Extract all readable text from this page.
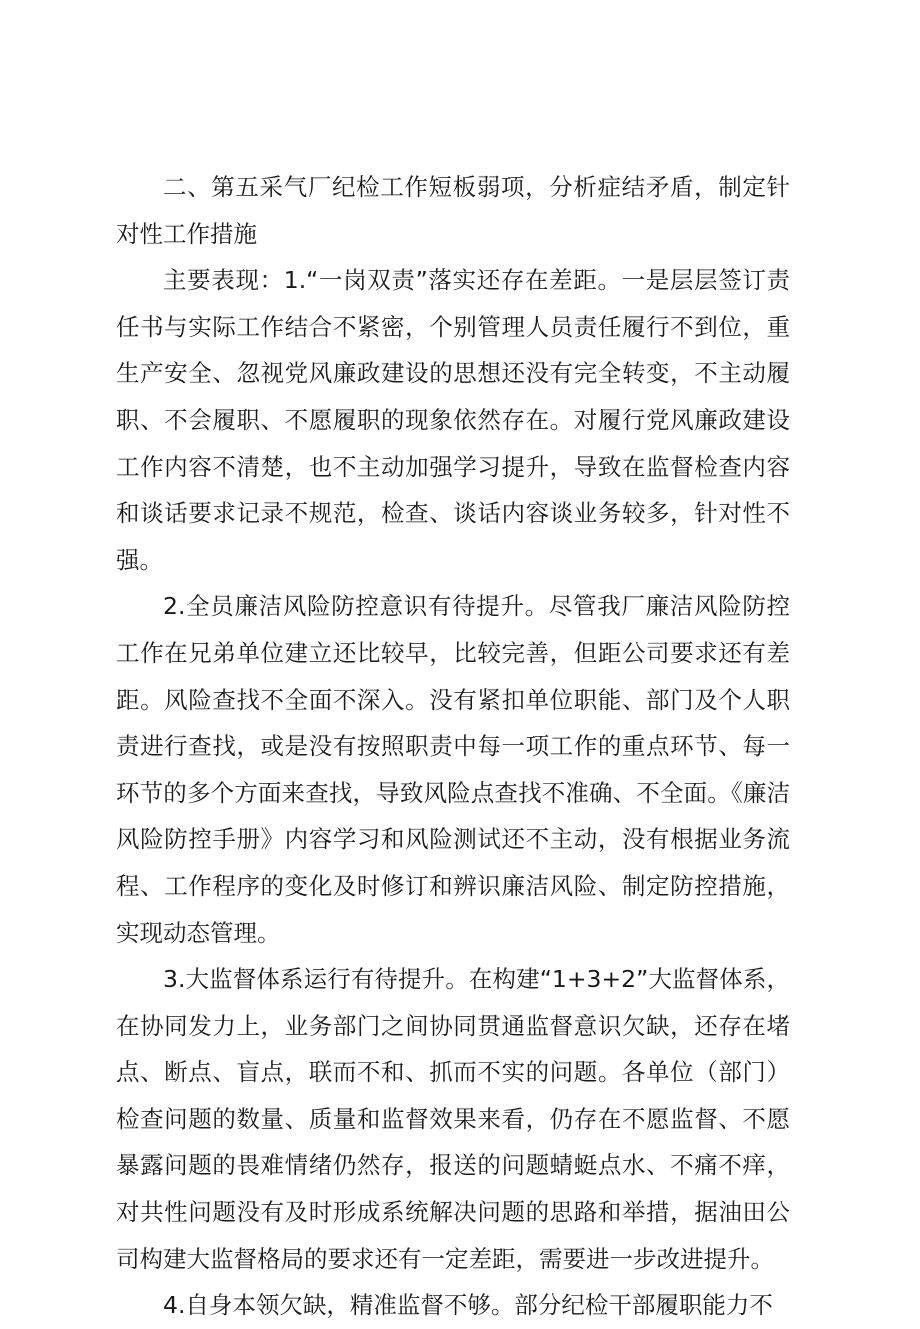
二、第五采气厂纪检工作短板弱项，分析症结矛盾，制定针对性工作措施

主要表现：1.“一岗双责”落实还存在差距。一是层层签订责任书与实际工作结合不紧密，个别管理人员责任履行不到位，重生产安全、忽视党风廉政建设的思想还没有完全转变，不主动履职、不会履职、不愿履职的现象依然存在。对履行党风廉政建设工作内容不清楚，也不主动加强学习提升，导致在监督检查内容和谈话要求记录不规范，检查、谈话内容谈业务较多，针对性不强。

2.全员廉洁风险防控意识有待提升。尽管我厂廉洁风险防控工作在兄弟单位建立还比较早，比较完善，但距公司要求还有差距。风险查找不全面不深入。没有紧扣单位职能、部门及个人职责进行查找，或是没有按照职责中每一项工作的重点环节、每一环节的多个方面来查找，导致风险点查找不准确、不全面。《廉洁风险防控手册》内容学习和风险测试还不主动，没有根据业务流程、工作程序的变化及时修订和辨识廉洁风险、制定防控措施，实现动态管理。

3.大监督体系运行有待提升。在构建“1+3+2”大监督体系，在协同发力上，业务部门之间协同贯通监督意识欠缺，还存在堵点、断点、盲点，联而不和、抓而不实的问题。各单位（部门）检查问题的数量、质量和监督效果来看，仍存在不愿监督、不愿暴露问题的畏难情绪仍然存，报送的问题蜻蜓点水、不痛不痒，对共性问题没有及时形成系统解决问题的思路和举措，据油田公司构建大监督格局的要求还有一定差距，需要进一步改进提升。

4.自身本领欠缺，精准监督不够。部分纪检干部履职能力不
